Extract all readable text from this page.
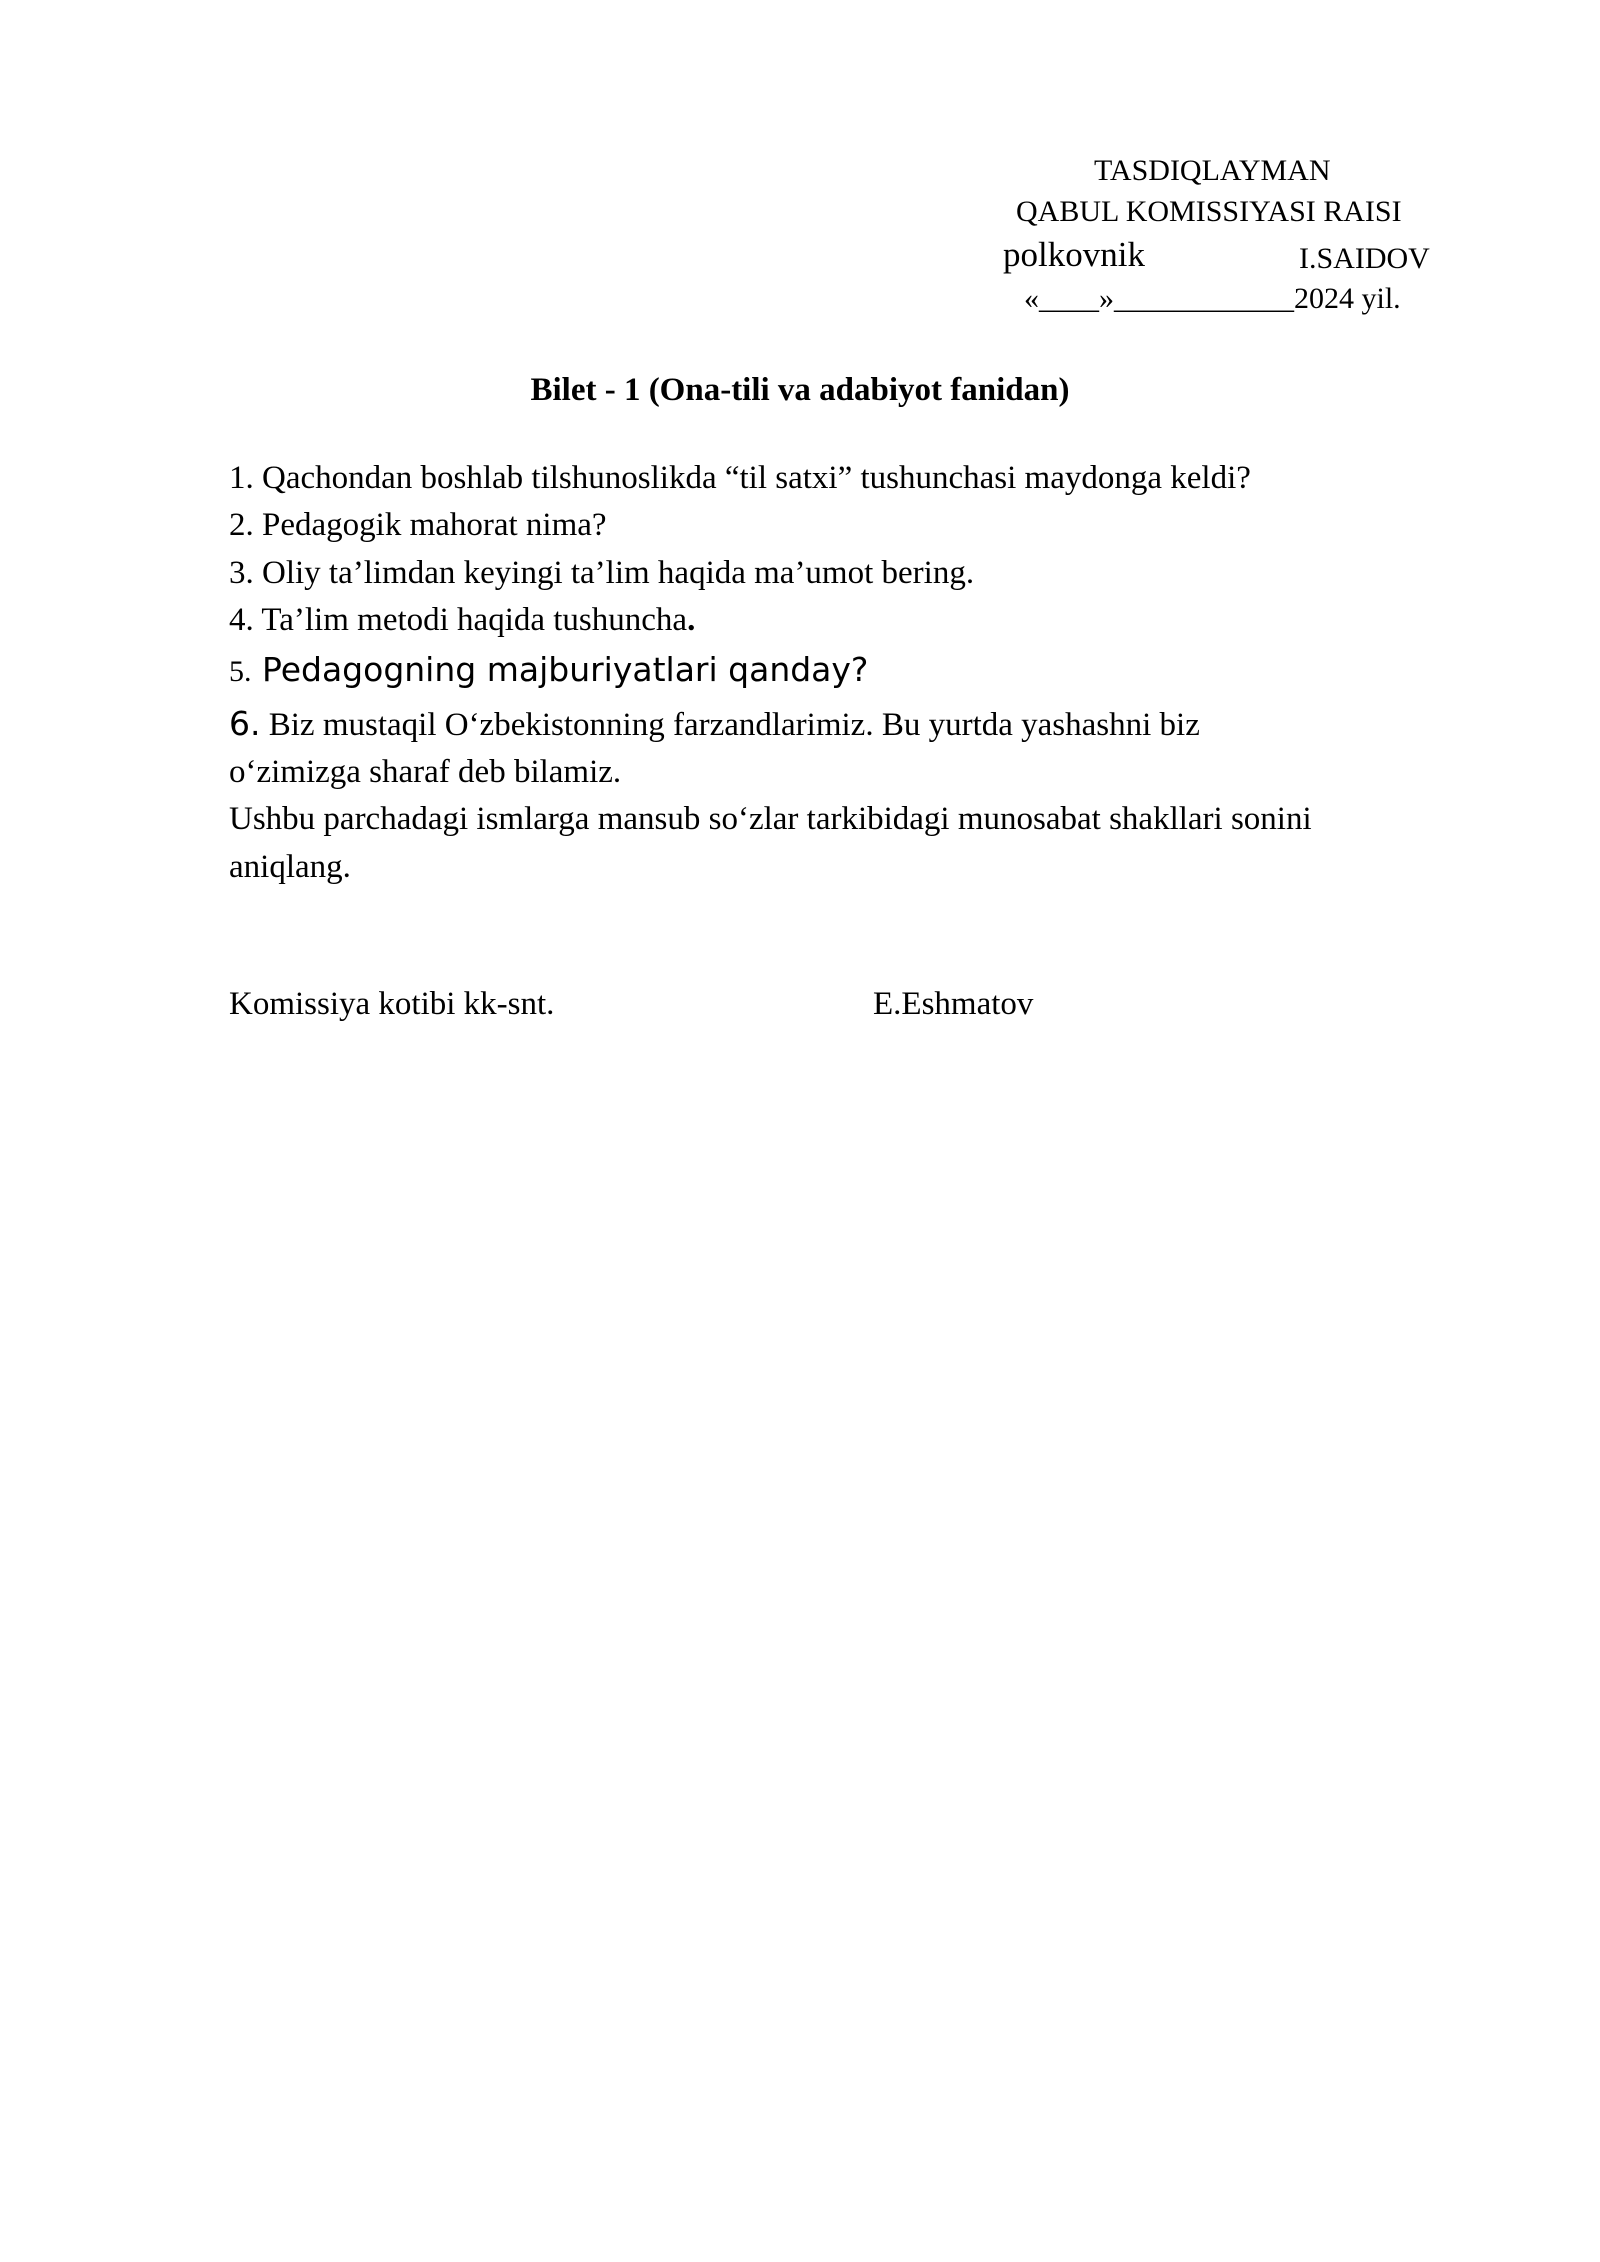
TASDIQLAYMAN
QABUL KOMISSIYASI RAISI
polkovnik	I.SAIDOV
«____»____________2024 yil.
Bilet - 1 (Ona-tili va adabiyot fanidan)
1. Qachondan boshlab tilshunoslikda “til satxi” tushunchasi maydonga keldi?
2. Pedagogik mahorat nima?
3. Oliy ta’limdan keyingi ta’lim haqida ma’umot bering.
4. Ta’lim metodi haqida tushuncha.
5. Pedagogning majburiyatlari qanday?
6. Biz mustaqil O‘zbekistonning farzandlarimiz. Bu yurtda yashashni biz
o‘zimizga sharaf deb bilamiz.
Ushbu parchadagi ismlarga mansub so‘zlar tarkibidagi munosabat shakllari sonini
aniqlang.
Komissiya kotibi kk-snt.	E.Eshmatov
